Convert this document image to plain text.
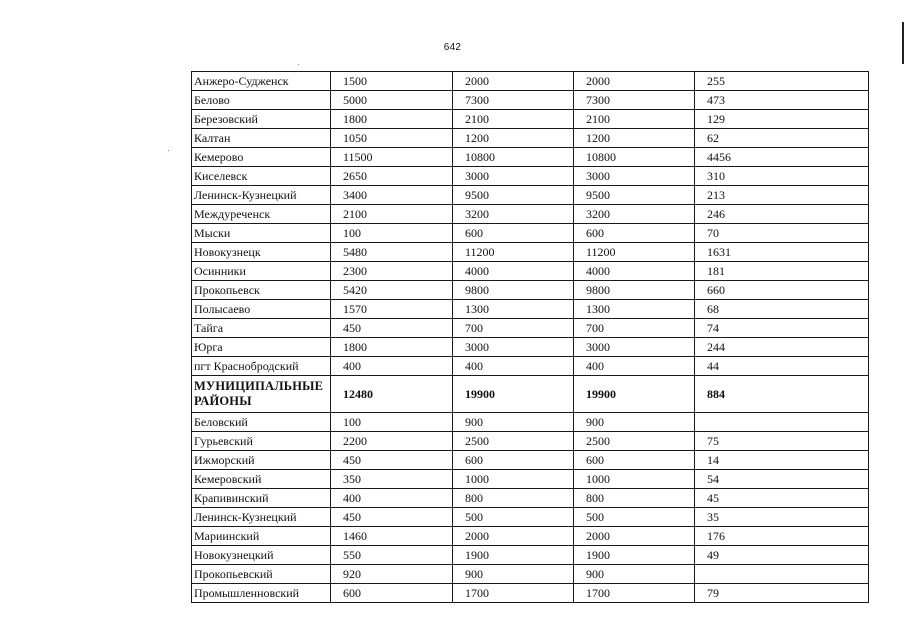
642
Анжеро-Судженск	1500	2000	2000	255
Белово	5000	7300	7300	473
Березовский	1800	2100	2100	129
Калтан	1050	1200	1200	62
Кемерово	11500	10800	10800	4456
Киселевск	2650	3000	3000	310
Ленинск-Кузнецкий	3400	9500	9500	213
Междуреченск	2100	3200	3200	246
Мыски	100	600	600	70
Новокузнецк	5480	11200	11200	1631
Осинники	2300	4000	4000	181
Прокопьевск	5420	9800	9800	660
Полысаево	1570	1300	1300	68
Тайга	450	700	700	74
Юрга	1800	3000	3000	244
пгт Краснобродский	400	400	400	44
МУНИЦИПАЛЬНЫЕ РАЙОНЫ	12480	19900	19900	884
Беловский	100	900	900	
Гурьевский	2200	2500	2500	75
Ижморский	450	600	600	14
Кемеровский	350	1000	1000	54
Крапивинский	400	800	800	45
Ленинск-Кузнецкий	450	500	500	35
Мариинский	1460	2000	2000	176
Новокузнецкий	550	1900	1900	49
Прокопьевский	920	900	900	
Промышленновский	600	1700	1700	79
